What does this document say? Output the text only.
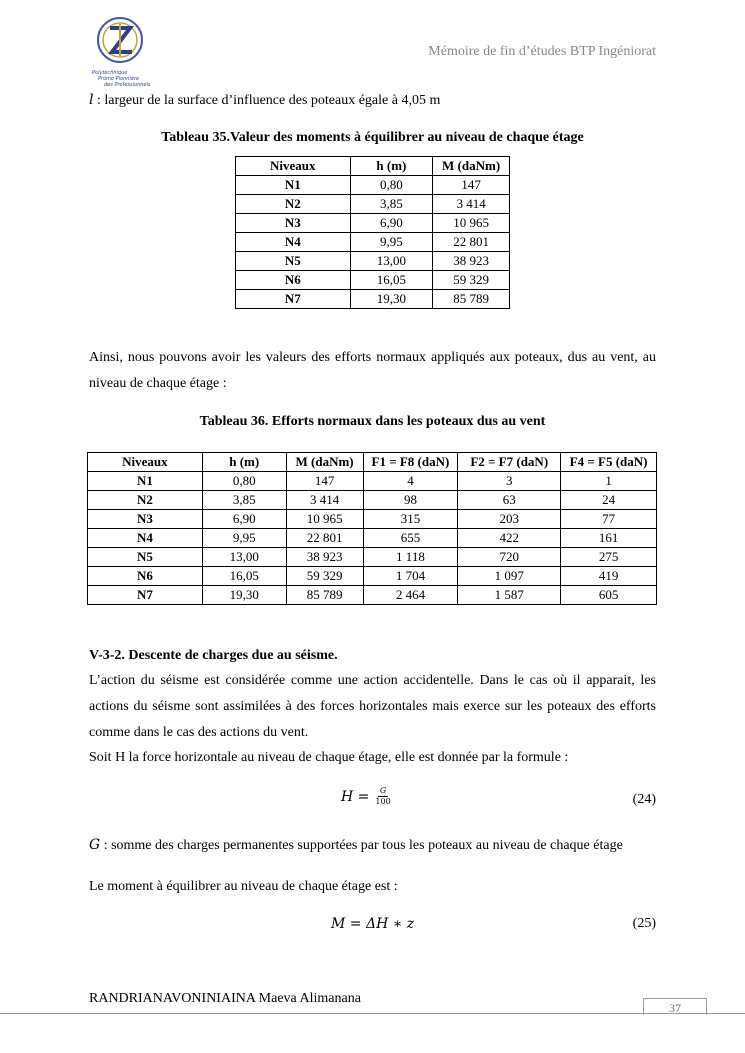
Polytechnique
Promo Pionnière
des Professionnels
Mémoire de fin d’études BTP Ingéniorat
l : largeur de la surface d’influence des poteaux égale à 4,05 m
Tableau 35.Valeur des moments à équilibrer au niveau de chaque étage
Niveaux	h (m)	M (daNm)
N1	0,80	147
N2	3,85	3 414
N3	6,90	10 965
N4	9,95	22 801
N5	13,00	38 923
N6	16,05	59 329
N7	19,30	85 789
Ainsi, nous pouvons avoir les valeurs des efforts normaux appliqués aux poteaux, dus au vent, au niveau de chaque étage :
Tableau 36. Efforts normaux dans les poteaux dus au vent
Niveaux	h (m)	M (daNm)	F1 = F8 (daN)	F2 = F7 (daN)	F4 = F5 (daN)
N1	0,80	147	4	3	1
N2	3,85	3 414	98	63	24
N3	6,90	10 965	315	203	77
N4	9,95	22 801	655	422	161
N5	13,00	38 923	1 118	720	275
N6	16,05	59 329	1 704	1 097	419
N7	19,30	85 789	2 464	1 587	605
V-3-2. Descente de charges due au séisme.
L’action du séisme est considérée comme une action accidentelle. Dans le cas où il apparait, les actions du séisme sont assimilées à des forces horizontales mais exerce sur les poteaux des efforts comme dans le cas des actions du vent.
Soit H la force horizontale au niveau de chaque étage, elle est donnée par la formule :
$H = \frac{G}{100}$	(24)
G : somme des charges permanentes supportées par tous les poteaux au niveau de chaque étage
Le moment à équilibrer au niveau de chaque étage est :
M = ΔH ∗ z	(25)
RANDRIANAVONINIAINA Maeva Alimanana
37
